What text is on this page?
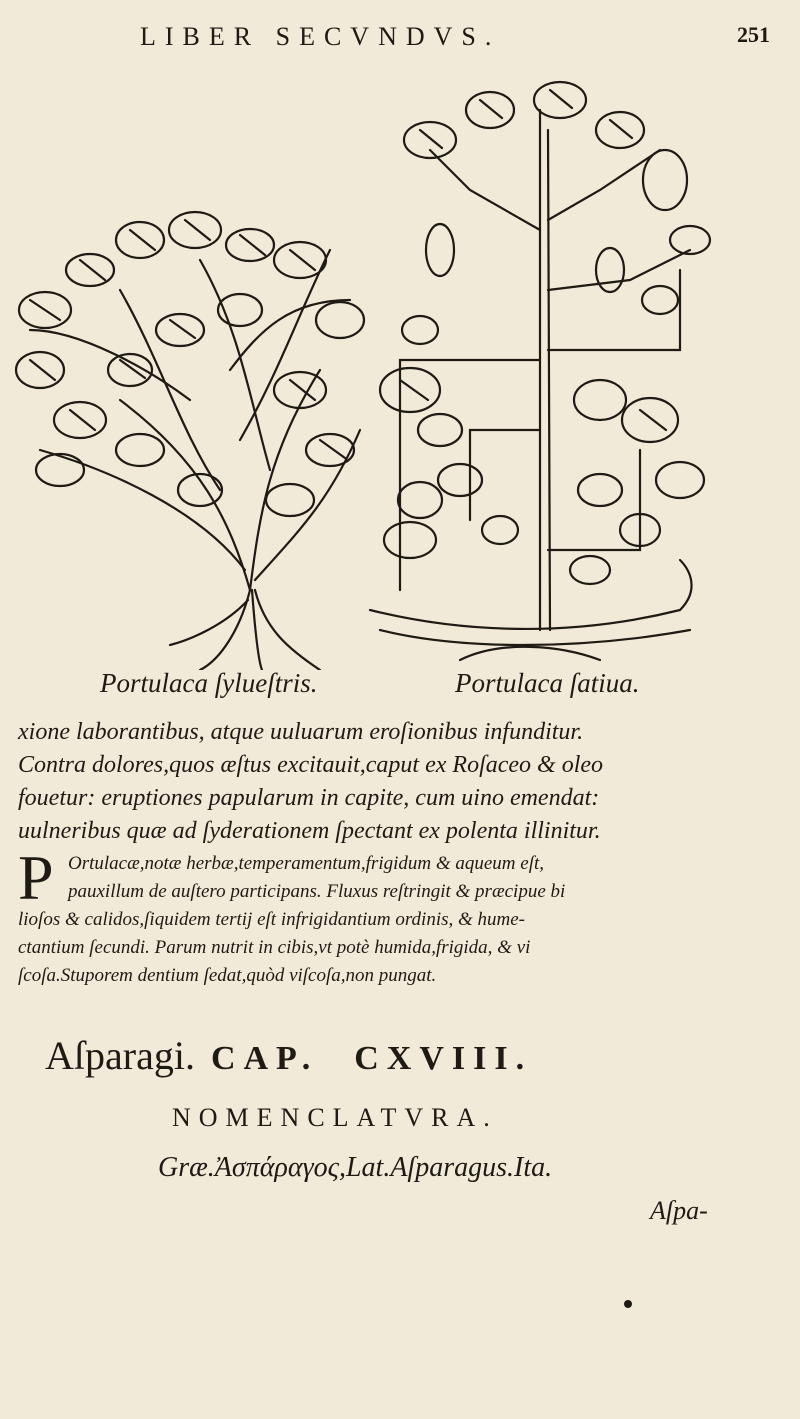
LIBER SECVNDVS.	251
Portulaca ſylueſtris.	Portulaca ſatiua.
xione laborantibus, atque uuluarum eroſionibus infunditur.
Contra dolores,quos æſtus excitauit,caput ex Roſaceo & oleo
fouetur: eruptiones papularum in capite, cum uino emendat:
uulneribus quæ ad ſyderationem ſpectant ex polenta illinitur.
P Ortulacæ,notæ herbæ,temperamentum,frigidum & aqueum eſt,
pauxillum de auſtero participans. Fluxus reſtringit & præcipue bi
lioſos & calidos,ſiquidem tertij eſt infrigidantium ordinis, & hume-
ctantium ſecundi. Parum nutrit in cibis,vt potè humida,frigida, & vi
ſcoſa.Stuporem dentium ſedat,quòd viſcoſa,non pungat.
Aſparagi. CAP. CXVIII.
NOMENCLATVRA.
Græ.Ἀσπάραγος,Lat.Aſparagus.Ita.
Aſpa-
